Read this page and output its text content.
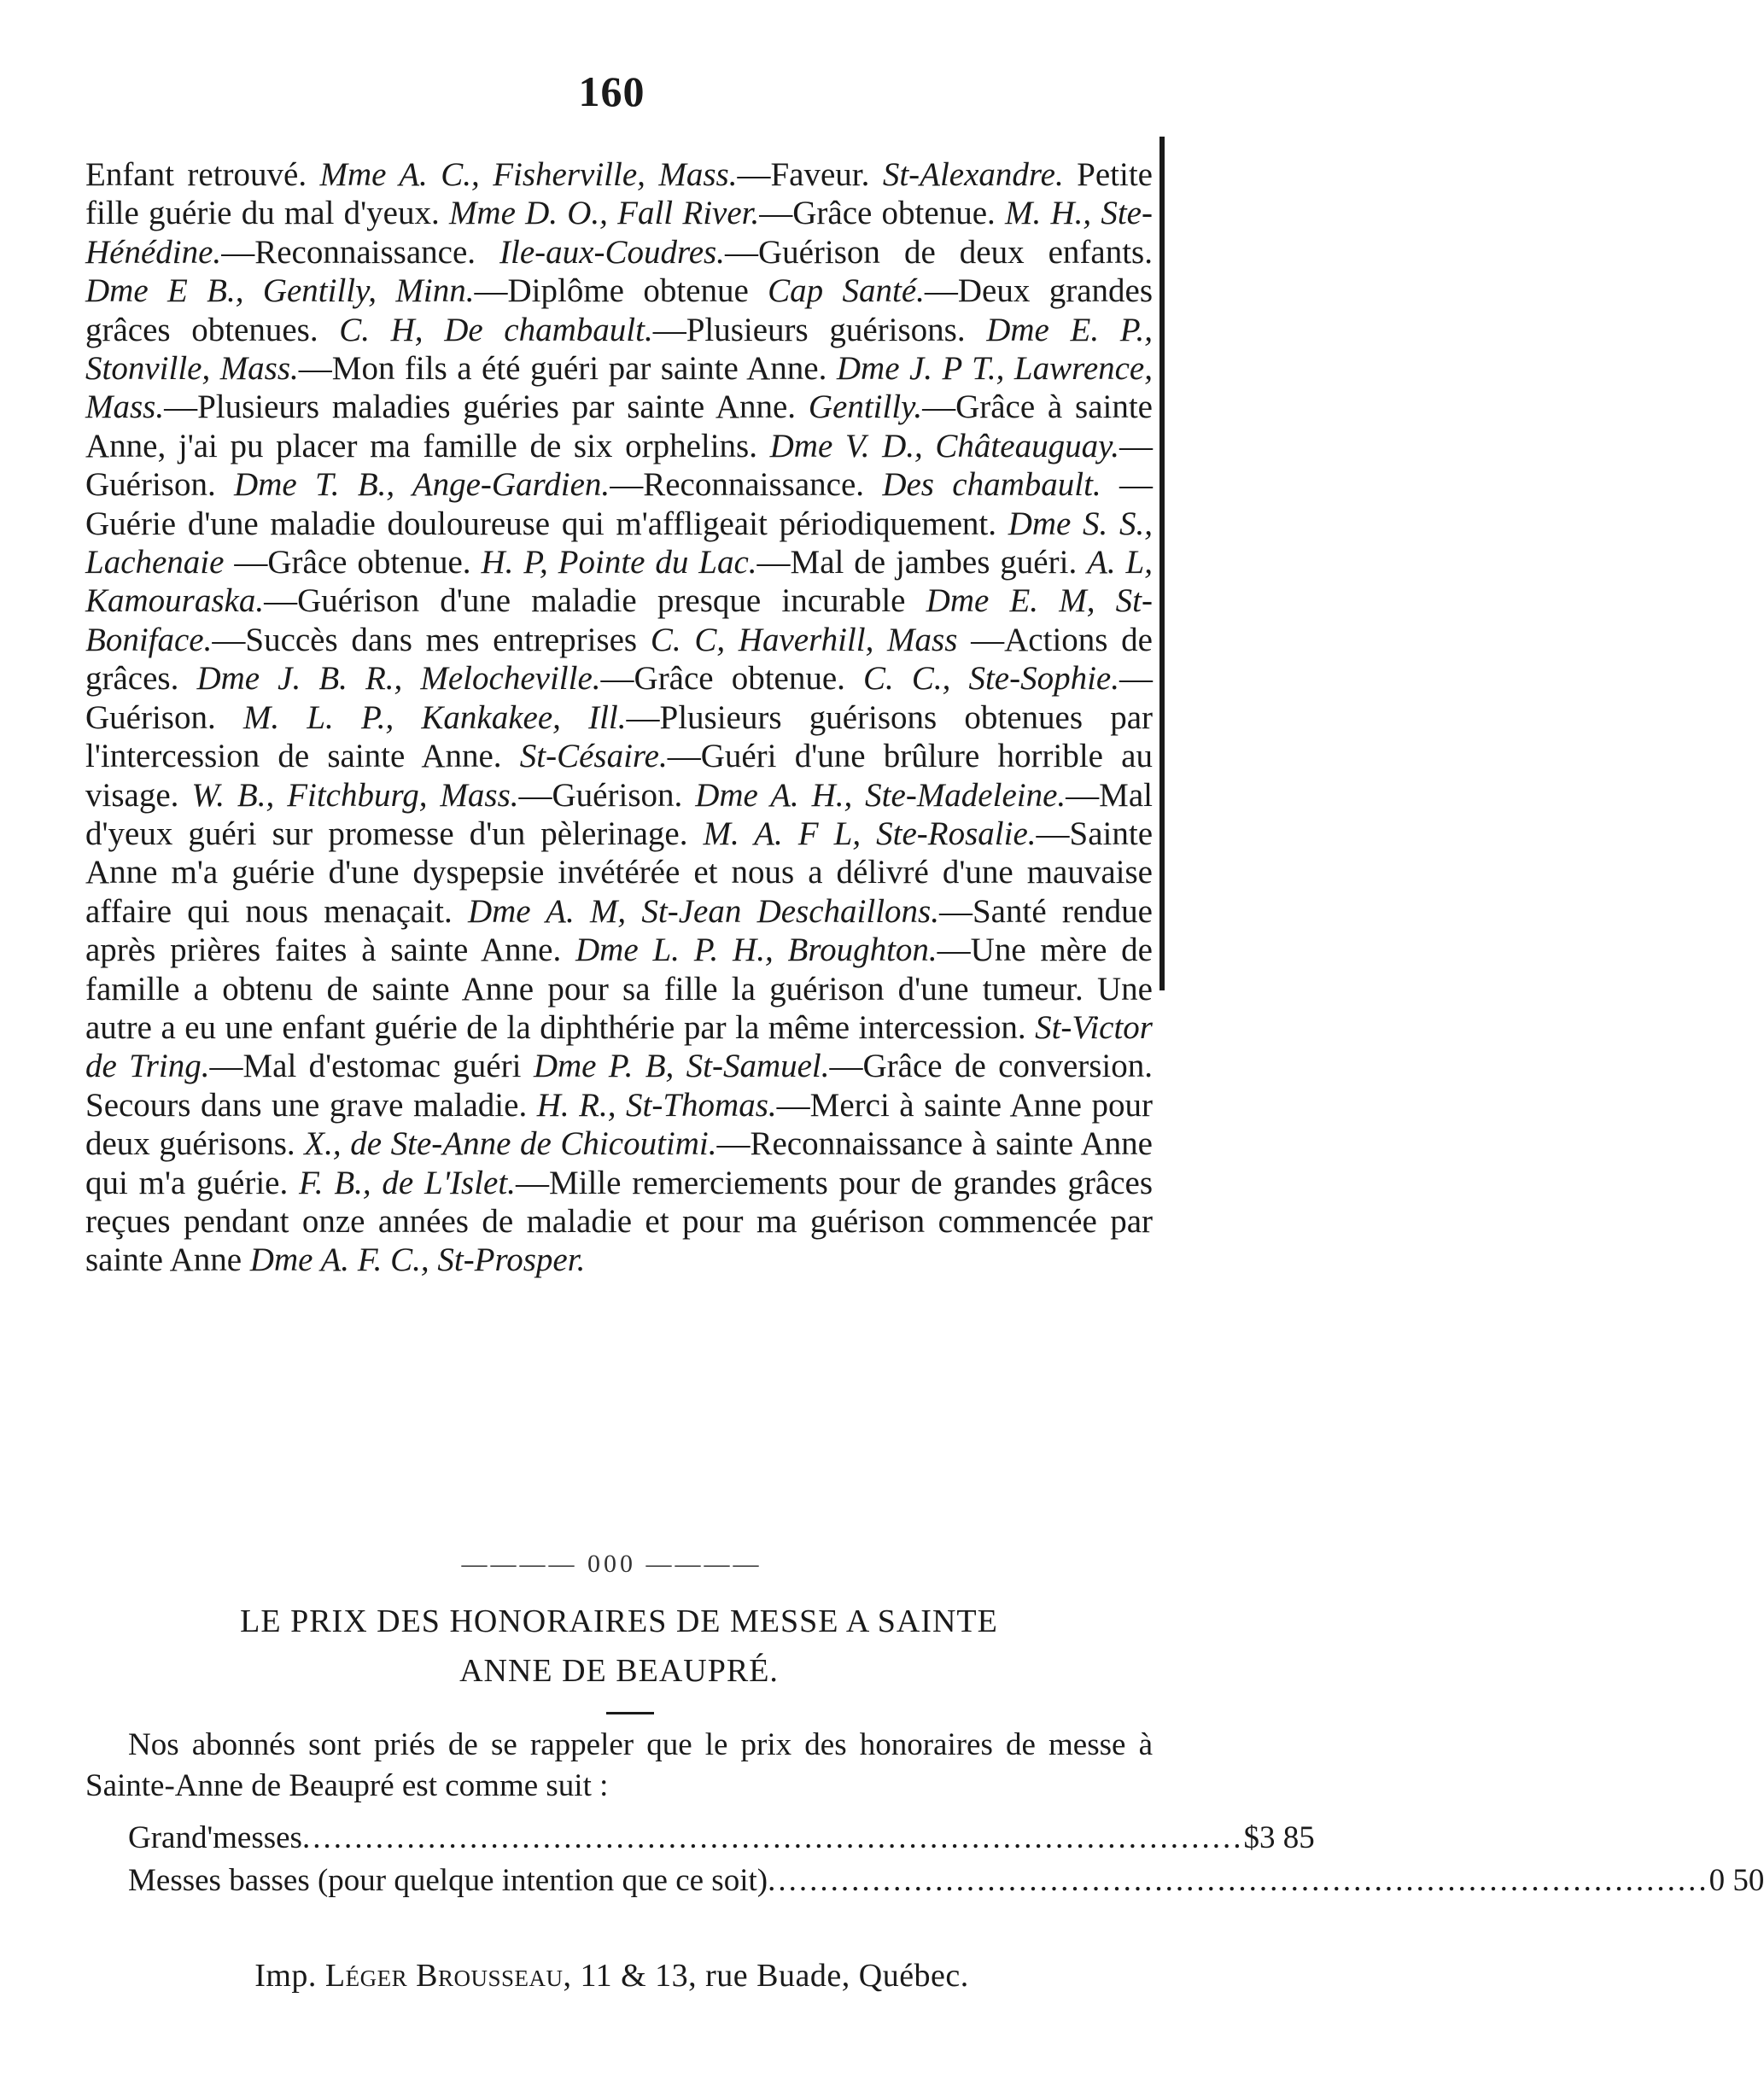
160

Enfant retrouvé. Mme A. C., Fisherville, Mass.—Faveur. St-Alexandre. Petite fille guérie du mal d'yeux. Mme D. O., Fall River.—Grâce obtenue. M. H., Ste-Hénédine.—Reconnaissance. Ile-aux-Coudres.—Guérison de deux enfants. Dme E B., Gentilly, Minn.—Diplôme obtenue Cap Santé.—Deux grandes grâces obtenues. C. H, De chambault.—Plusieurs guérisons. Dme E. P., Stonville, Mass.—Mon fils a été guéri par sainte Anne. Dme J. P T., Lawrence, Mass.—Plusieurs maladies guéries par sainte Anne. Gentilly.—Grâce à sainte Anne, j'ai pu placer ma famille de six orphelins. Dme V. D., Châteauguay.—Guérison. Dme T. B., Ange-Gardien.—Reconnaissance. Des chambault. — Guérie d'une maladie douloureuse qui m'affligeait périodiquement. Dme S. S., Lachenaie —Grâce obtenue. H. P, Pointe du Lac.—Mal de jambes guéri. A. L, Kamouraska.—Guérison d'une maladie presque incurable Dme E. M, St-Boniface.—Succès dans mes entreprises C. C, Haverhill, Mass —Actions de grâces. Dme J. B. R., Melocheville.—Grâce obtenue. C. C., Ste-Sophie.—Guérison. M. L. P., Kankakee, Ill.—Plusieurs guérisons obtenues par l'intercession de sainte Anne. St-Césaire.—Guéri d'une brûlure horrible au visage. W. B., Fitchburg, Mass.—Guérison. Dme A. H., Ste-Madeleine.—Mal d'yeux guéri sur promesse d'un pèlerinage. M. A. F L, Ste-Rosalie.—Sainte Anne m'a guérie d'une dyspepsie invétérée et nous a délivré d'une mauvaise affaire qui nous menaçait. Dme A. M, St-Jean Deschaillons.—Santé rendue après prières faites à sainte Anne. Dme L. P. H., Broughton.—Une mère de famille a obtenu de sainte Anne pour sa fille la guérison d'une tumeur. Une autre a eu une enfant guérie de la diphthérie par la même intercession. St-Victor de Tring.—Mal d'estomac guéri Dme P. B, St-Samuel.—Grâce de conversion. Secours dans une grave maladie. H. R., St-Thomas.—Merci à sainte Anne pour deux guérisons. X., de Ste-Anne de Chicoutimi.—Reconnaissance à sainte Anne qui m'a guérie. F. B., de L'Islet.—Mille remerciements pour de grandes grâces reçues pendant onze années de maladie et pour ma guérison commencée par sainte Anne Dme A. F. C., St-Prosper.

———— 000 ————
LE PRIX DES HONORAIRES DE MESSE A SAINTE
ANNE DE BEAUPRÉ.
Nos abonnés sont priés de se rappeler que le prix des honoraires de messe à Sainte-Anne de Beaupré est comme suit :
Grand'messes .......................................................................................... $3 85
Messes basses (pour quelque intention que ce soit) .......................................................................................... 0 50
Imp. Léger Brousseau, 11 & 13, rue Buade, Québec.
